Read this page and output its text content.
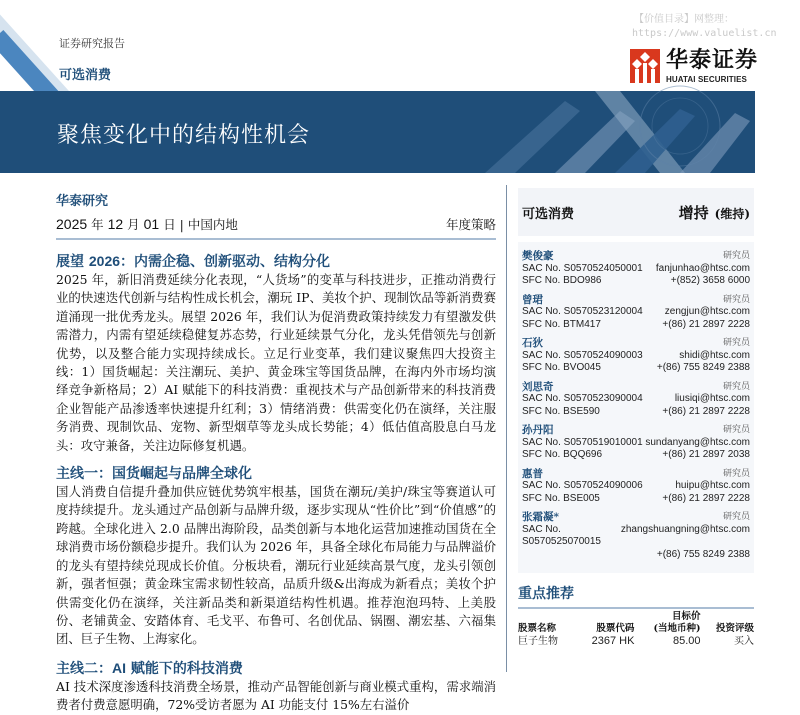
证券研究报告
可选消费
【价值目录】网整理：
https://www.valuelist.cn
华泰证券
HUATAI SECURITIES
聚焦变化中的结构性机会
华泰研究
2025 年 12 月 01 日 | 中国内地	年度策略
展望 2026：内需企稳、创新驱动、结构分化
2025 年，新旧消费延续分化表现，“人货场”的变革与科技进步，正推动消费行业的快速迭代创新与结构性成长机会，潮玩 IP、美妆个护、现制饮品等新消费赛道涌现一批优秀龙头。展望 2026 年，我们认为促消费政策持续发力有望激发供需潜力，内需有望延续稳健复苏态势，行业延续景气分化，龙头凭借领先与创新优势，以及整合能力实现持续成长。立足行业变革，我们建议聚焦四大投资主线：1）国货崛起：关注潮玩、美护、黄金珠宝等国货品牌，在海内外市场均演绎竞争新格局；2）AI 赋能下的科技消费：重视技术与产品创新带来的科技消费企业智能产品渗透率快速提升红利；3）情绪消费：供需变化仍在演绎，关注服务消费、现制饮品、宠物、新型烟草等龙头成长势能；4）低估值高股息白马龙头：攻守兼备，关注边际修复机遇。
主线一：国货崛起与品牌全球化
国人消费自信提升叠加供应链优势筑牢根基，国货在潮玩/美护/珠宝等赛道认可度持续提升。龙头通过产品创新与品牌升级，逐步实现从“性价比”到“价值感”的跨越。全球化进入 2.0 品牌出海阶段，品类创新与本地化运营加速推动国货在全球消费市场份额稳步提升。我们认为 2026 年，具备全球化布局能力与品牌溢价的龙头有望持续兑现成长价值。分板块看，潮玩行业延续高景气度，龙头引领创新，强者恒强；黄金珠宝需求韧性较高，品质升级&出海成为新看点；美妆个护供需变化仍在演绎，关注新品类和新渠道结构性机遇。推荐泡泡玛特、上美股份、老铺黄金、安踏体育、毛戈平、布鲁可、名创优品、锅圈、潮宏基、六福集团、巨子生物、上海家化。
主线二：AI 赋能下的科技消费
AI 技术深度渗透科技消费全场景，推动产品智能创新与商业模式重构，需求端消费者付费意愿明确，72%受访者愿为 AI 功能支付 15%左右溢价
可选消费	增持 (维持)
樊俊豪	研究员
SAC No. S0570524050001 fanjunhao@htsc.com
SFC No. BDO986	+(852) 3658 6000
曾珺	研究员
SAC No. S0570523120004 zengjun@htsc.com
SFC No. BTM417	+(86) 21 2897 2228
石狄	研究员
SAC No. S0570524090003	shidi@htsc.com
SFC No. BVO045	+(86) 755 8249 2388
刘思奇	研究员
SAC No. S0570523090004	liusiqi@htsc.com
SFC No. BSE590	+(86) 21 2897 2228
孙丹阳	研究员
SAC No. S0570519010001 sundanyang@htsc.com
SFC No. BQQ696	+(86) 21 2897 2038
惠普	研究员
SAC No. S0570524090006	huipu@htsc.com
SFC No. BSE005	+(86) 21 2897 2228
张霜凝*	研究员
SAC No. S0570525070015
zhangshuangning@htsc.com
+(86) 755 8249 2388
重点推荐
		目标价	
股票名称	股票代码	(当地币种)	投资评级
巨子生物	2367 HK	85.00	买入
